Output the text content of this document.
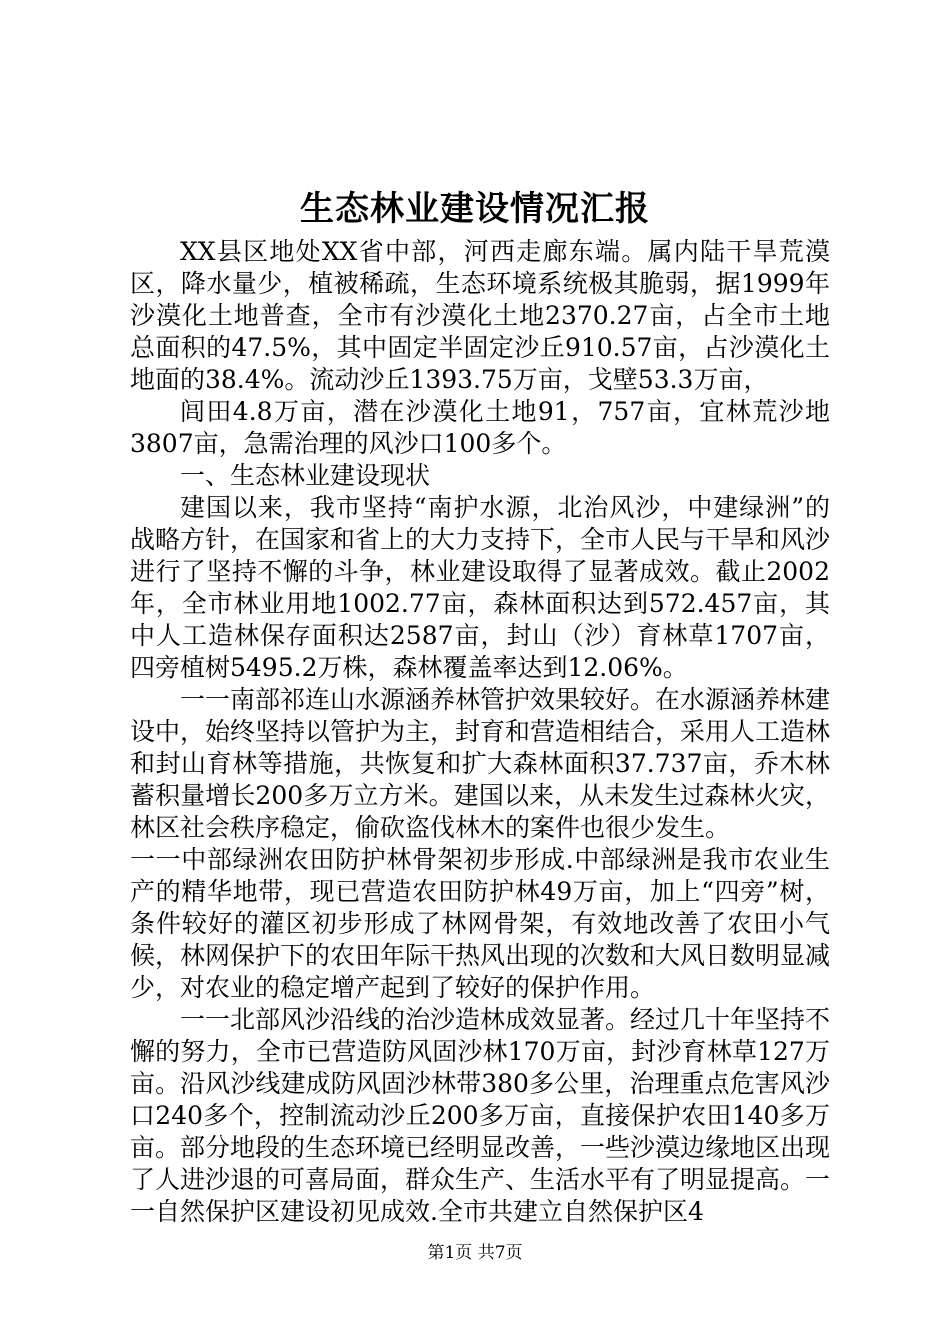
生态林业建设情况汇报

XX县区地处XX省中部，河西走廊东端。属内陆干旱荒漠区，降水量少，植被稀疏，生态环境系统极其脆弱，据1999年沙漠化土地普查，全市有沙漠化土地2370.27亩，占全市土地总面积的47.5%，其中固定半固定沙丘910.57亩，占沙漠化土地面的38.4%。流动沙丘1393.75万亩，戈壁53.3万亩，

闾田4.8万亩，潜在沙漠化土地91，757亩，宜林荒沙地3807亩，急需治理的风沙口100多个。

一、生态林业建设现状

建国以来，我市坚持“南护水源，北治风沙，中建绿洲”的战略方针，在国家和省上的大力支持下，全市人民与干旱和风沙进行了坚持不懈的斗争，林业建设取得了显著成效。截止2002年，全市林业用地1002.77亩，森林面积达到572.457亩，其中人工造林保存面积达2587亩，封山（沙）育林草1707亩，四旁植树5495.2万株，森林覆盖率达到12.06%。

一一南部祁连山水源涵养林管护效果较好。在水源涵养林建设中，始终坚持以管护为主，封育和营造相结合，采用人工造林和封山育林等措施，共恢复和扩大森林面积37.737亩，乔木林蓄积量增长200多万立方米。建国以来，从未发生过森林火灾，林区社会秩序稳定，偷砍盗伐林木的案件也很少发生。

一一中部绿洲农田防护林骨架初步形成.中部绿洲是我市农业生产的精华地带，现已营造农田防护林49万亩，加上“四旁”树，条件较好的灌区初步形成了林网骨架，有效地改善了农田小气候，林网保护下的农田年际干热风出现的次数和大风日数明显减少，对农业的稳定增产起到了较好的保护作用。

一一北部风沙沿线的治沙造林成效显著。经过几十年坚持不懈的努力，全市已营造防风固沙林170万亩，封沙育林草127万亩。沿风沙线建成防风固沙林带380多公里，治理重点危害风沙口240多个，控制流动沙丘200多万亩，直接保护农田140多万亩。部分地段的生态环境已经明显改善，一些沙漠边缘地区出现了人进沙退的可喜局面，群众生产、生活水平有了明显提高。一一自然保护区建设初见成效.全市共建立自然保护区4

第1页 共7页
